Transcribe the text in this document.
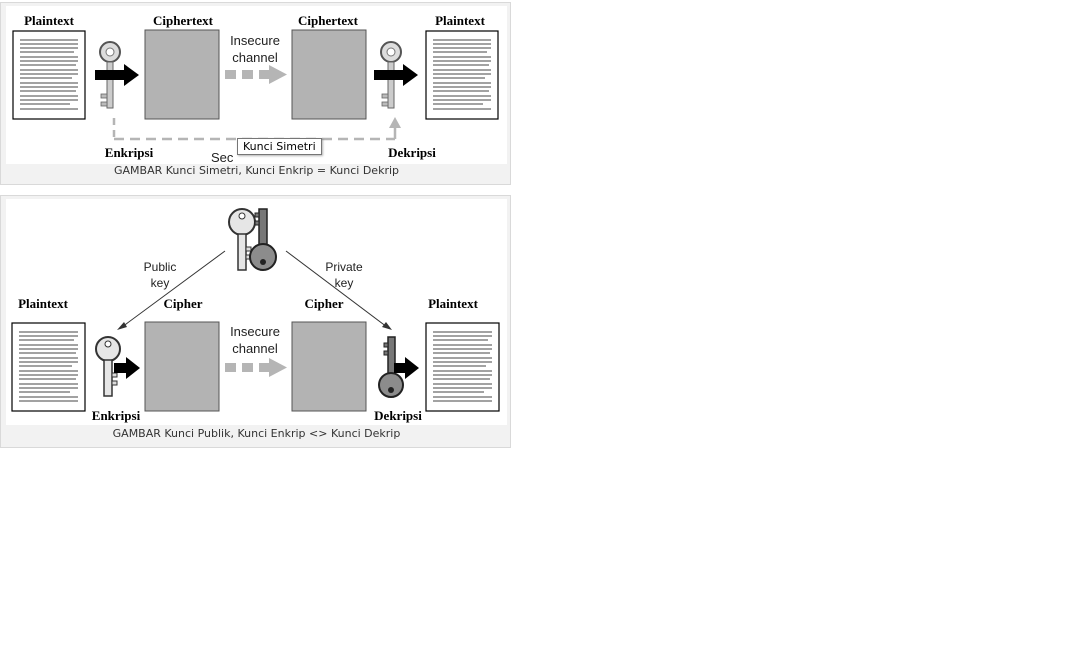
Plaintext	Ciphertext	Ciphertext	Plaintext
Insecure
channel
Enkripsi	Sec	Dekripsi
GAMBAR Kunci Simetri, Kunci Enkrip = Kunci Dekrip
Kunci Simetri
Public
key
Private
key
Plaintext	Cipher	Cipher	Plaintext
Insecure
channel
Enkripsi	Dekripsi
GAMBAR Kunci Publik, Kunci Enkrip <> Kunci Dekrip
